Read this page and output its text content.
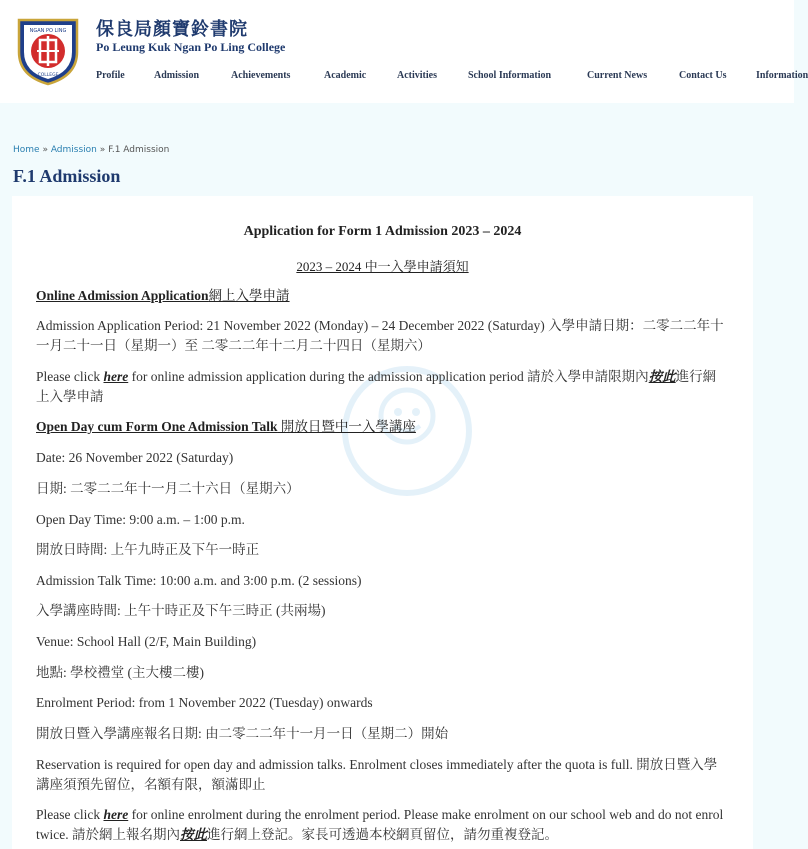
NGAN PO LING
COLLEGE
保良局顏寶鈴書院
Po Leung Kuk Ngan Po Ling College
Profile	Admission	Achievements	Academic	Activities	School Information	Current News	Contact Us	Information
Home » Admission » F.1 Admission
F.1 Admission
Application for Form 1 Admission 2023 – 2024
2023 – 2024 中一入學申請須知

Online Admission Application網上入學申請

Admission Application Period: 21 November 2022 (Monday) – 24 December 2022 (Saturday) 入學申請日期：二零二二年十一月二十一日（星期一）至 二零二二年十二月二十四日（星期六）

Please click here for online admission application during the admission application period 請於入學申請限期內按此進行網上入學申請

Open Day cum Form One Admission Talk 開放日暨中一入學講座

Date: 26 November 2022 (Saturday)

日期: 二零二二年十一月二十六日（星期六）

Open Day Time: 9:00 a.m. – 1:00 p.m.

開放日時間: 上午九時正及下午一時正

Admission Talk Time: 10:00 a.m. and 3:00 p.m. (2 sessions)

入學講座時間: 上午十時正及下午三時正 (共兩場)

Venue: School Hall (2/F, Main Building)

地點: 學校禮堂 (主大樓二樓)

Enrolment Period: from 1 November 2022 (Tuesday) onwards

開放日暨入學講座報名日期: 由二零二二年十一月一日（星期二）開始

Reservation is required for open day and admission talks. Enrolment closes immediately after the quota is full. 開放日暨入學講座須預先留位，名額有限，額滿即止

Please click here for online enrolment during the enrolment period. Please make enrolment on our school web and do not enrol twice. 請於網上報名期內按此進行網上登記。家長可透過本校網頁留位，請勿重複登記。
